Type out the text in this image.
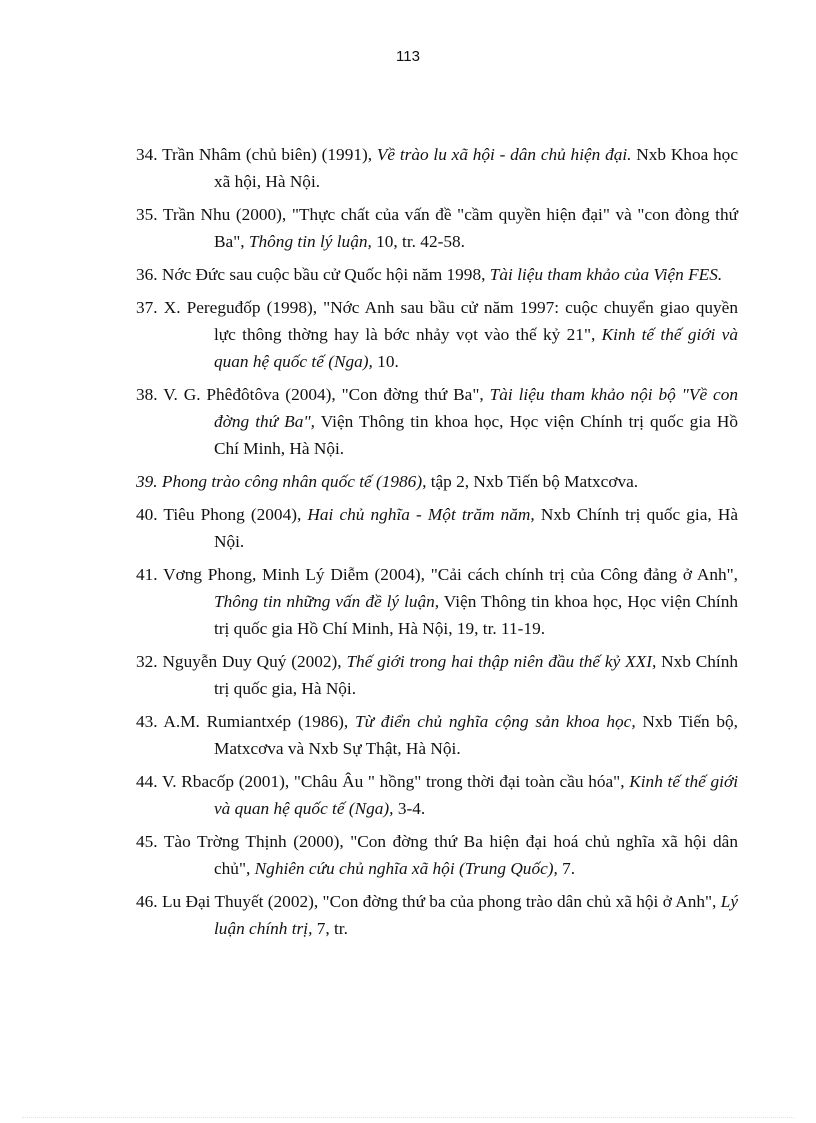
113
34. Trần Nhâm (chủ biên) (1991), Về trào lu xã hội - dân chủ hiện đại. Nxb Khoa học xã hội, Hà Nội.
35. Trần Nhu (2000), "Thực chất của vấn đề "cầm quyền hiện đại" và "con đòng thứ Ba", Thông tin lý luận, 10, tr. 42-58.
36. Nớc Đức sau cuộc bầu cử Quốc hội năm 1998, Tài liệu tham khảo của Viện FES.
37. X. Pereguđốp (1998), "Nớc Anh sau bầu cử năm 1997: cuộc chuyển giao quyền lực thông thờng hay là bớc nhảy vọt vào thế kỷ 21", Kinh tế thế giới và quan hệ quốc tế (Nga), 10.
38. V. G. Phêđôtôva (2004), "Con đờng thứ Ba", Tài liệu tham khảo nội bộ "Về con đờng thứ Ba", Viện Thông tin khoa học, Học viện Chính trị quốc gia Hồ Chí Minh, Hà Nội.
39. Phong trào công nhân quốc tế (1986), tập 2, Nxb Tiến bộ Matxcơva.
40. Tiêu Phong (2004), Hai chủ nghĩa - Một trăm năm, Nxb Chính trị quốc gia, Hà Nội.
41. Vơng Phong, Minh Lý Diễm (2004), "Cải cách chính trị của Công đảng ở Anh", Thông tin những vấn đề lý luận, Viện Thông tin khoa học, Học viện Chính trị quốc gia Hồ Chí Minh, Hà Nội, 19, tr. 11-19.
32. Nguyễn Duy Quý (2002), Thế giới trong hai thập niên đầu thế kỷ XXI, Nxb Chính trị quốc gia, Hà Nội.
43. A.M. Rumiantxép (1986), Từ điển chủ nghĩa cộng sản khoa học, Nxb Tiến bộ, Matxcơva và Nxb Sự Thật, Hà Nội.
44. V. Rbacốp (2001), "Châu Âu " hồng" trong thời đại toàn cầu hóa", Kinh tế thế giới và quan hệ quốc tế (Nga), 3-4.
45. Tào Trờng Thịnh (2000), "Con đờng thứ Ba hiện đại hoá chủ nghĩa xã hội dân chủ", Nghiên cứu chủ nghĩa xã hội (Trung Quốc), 7.
46. Lu Đại Thuyết (2002), "Con đờng thứ ba của phong trào dân chủ xã hội ở Anh", Lý luận chính trị, 7, tr.
